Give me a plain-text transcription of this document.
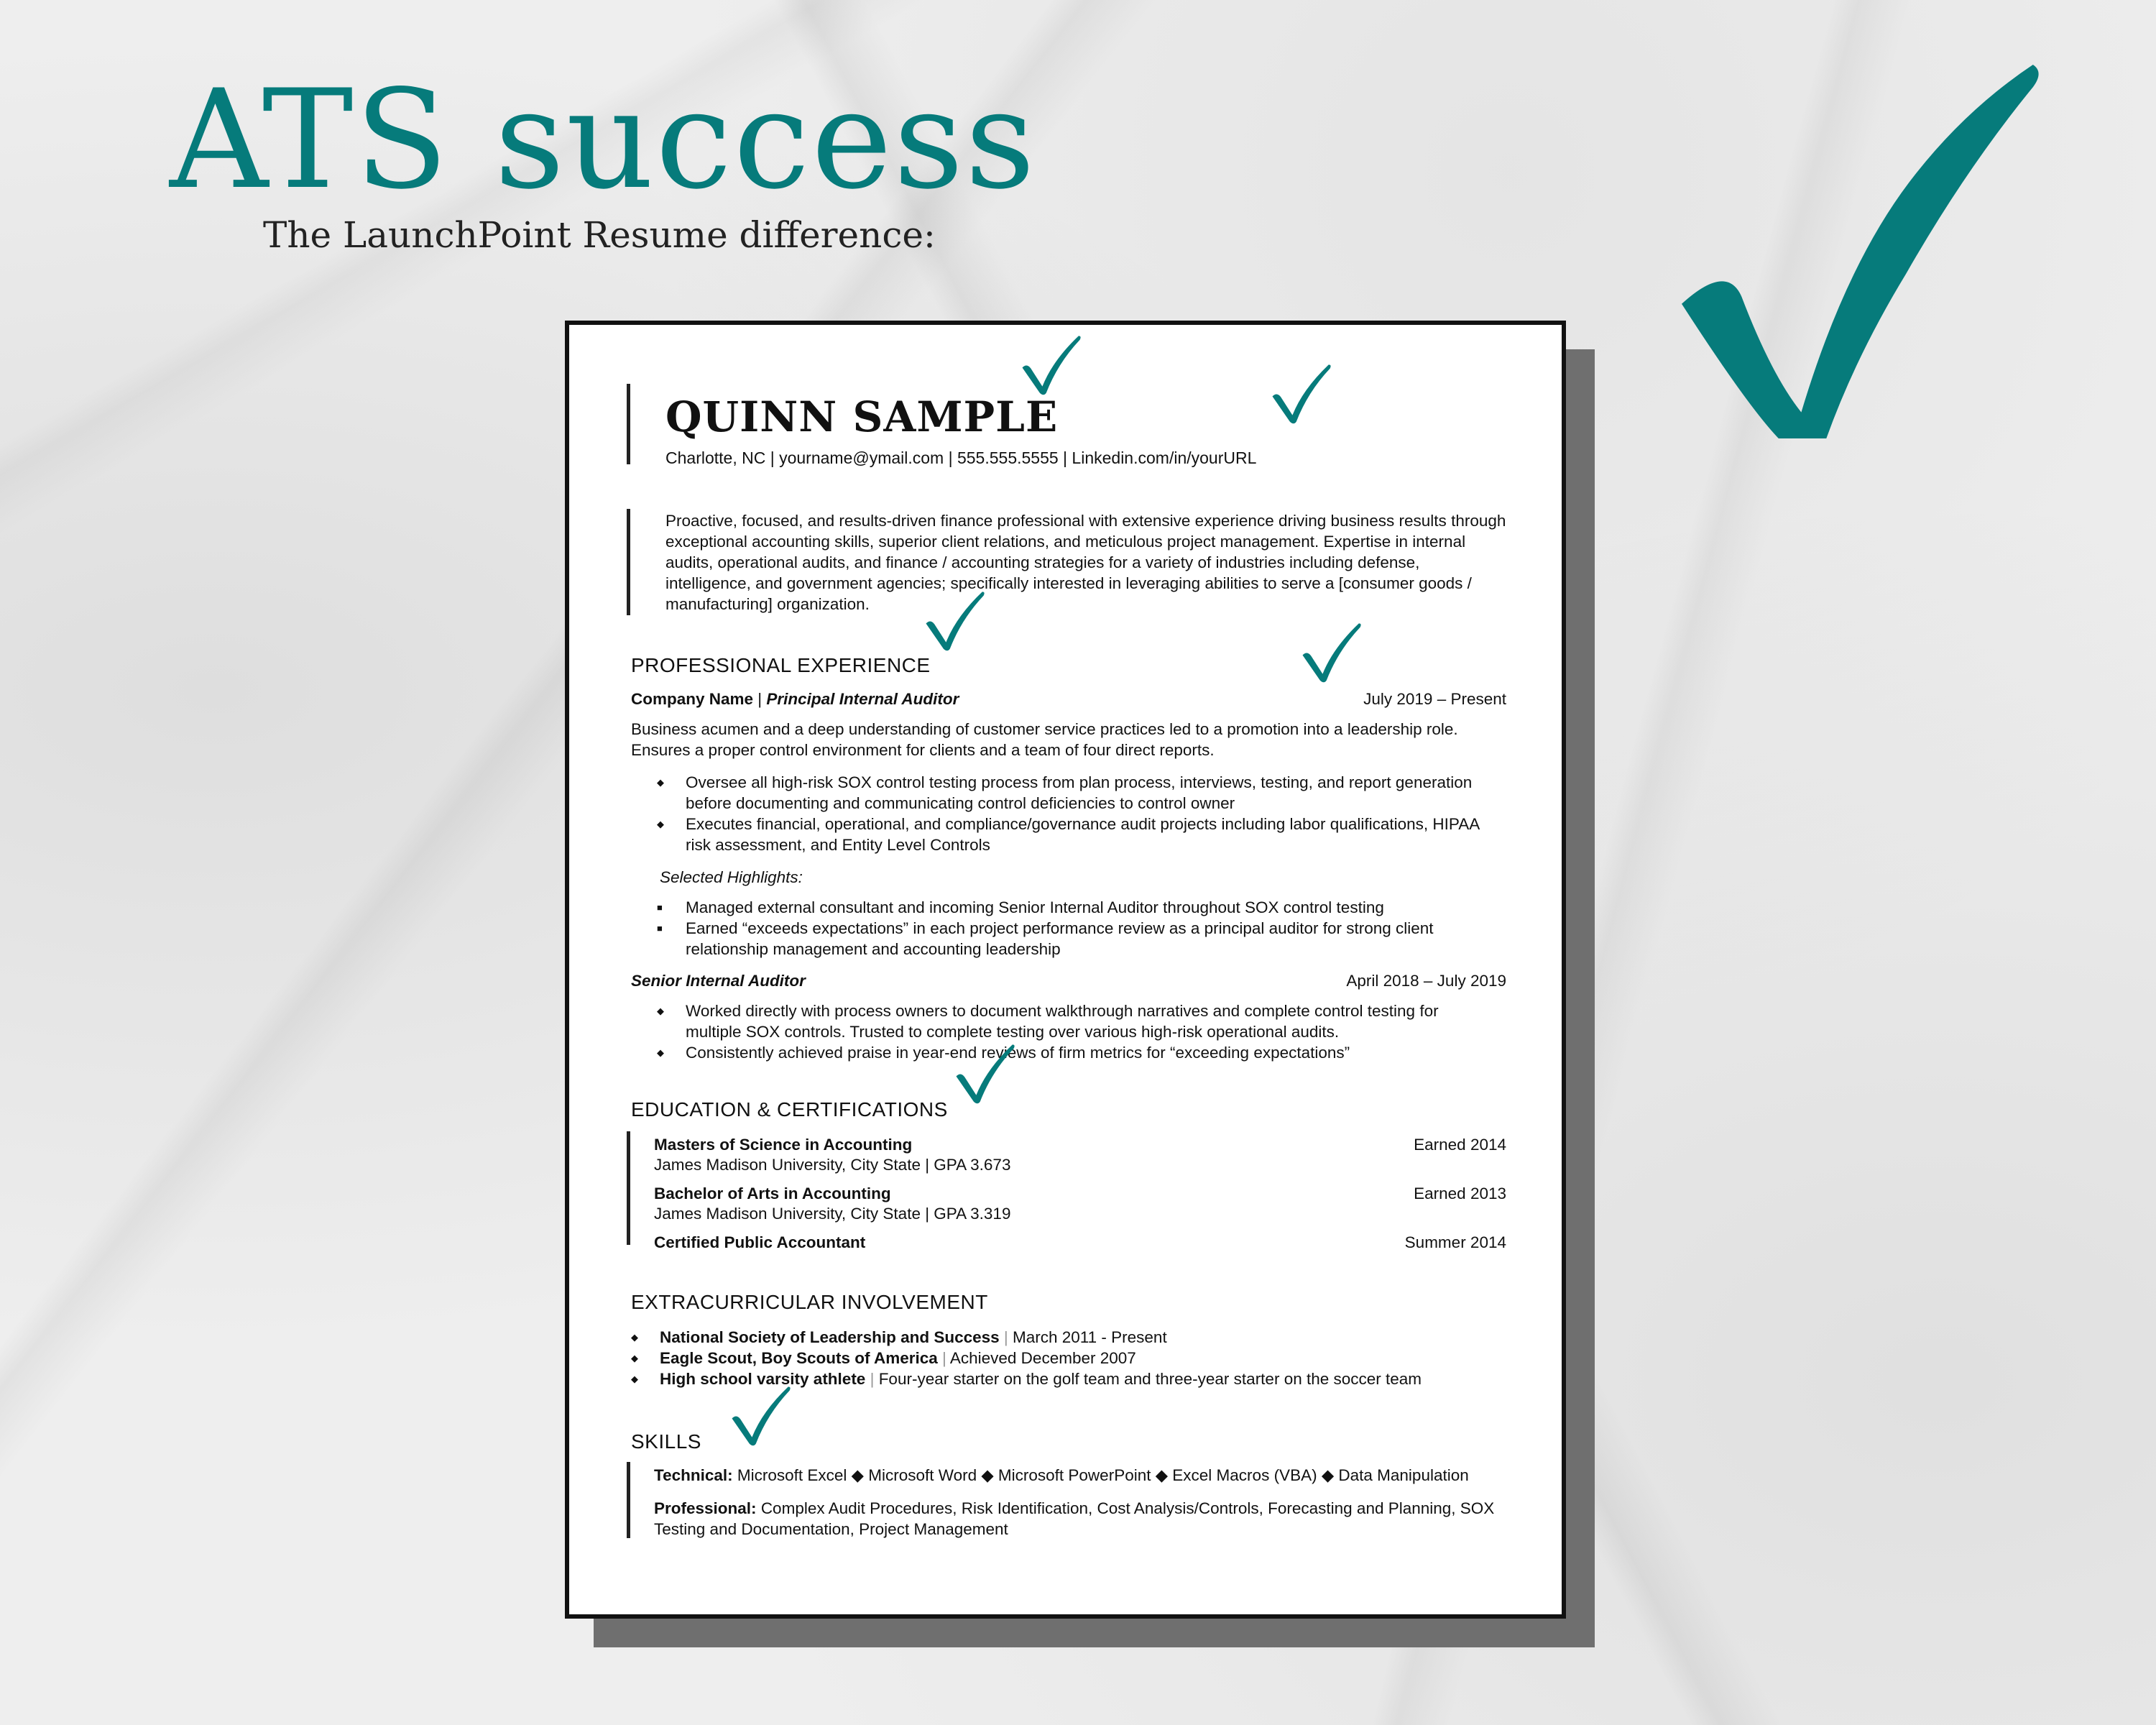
ATS success
The LaunchPoint Resume difference:
QUINN SAMPLE
Charlotte, NC | yourname@ymail.com | 555.555.5555 | Linkedin.com/in/yourURL
Proactive, focused, and results-driven finance professional with extensive experience driving business results through exceptional accounting skills, superior client relations, and meticulous project management. Expertise in internal audits, operational audits, and finance / accounting strategies for a variety of industries including defense, intelligence, and government agencies; specifically interested in leveraging abilities to serve a [consumer goods / manufacturing] organization.
PROFESSIONAL EXPERIENCE
Company Name | Principal Internal Auditor	July 2019 – Present
Business acumen and a deep understanding of customer service practices led to a promotion into a leadership role. Ensures a proper control environment for clients and a team of four direct reports.
◆ Oversee all high-risk SOX control testing process from plan process, interviews, testing, and report generation before documenting and communicating control deficiencies to control owner
◆ Executes financial, operational, and compliance/governance audit projects including labor qualifications, HIPAA risk assessment, and Entity Level Controls
Selected Highlights:
■ Managed external consultant and incoming Senior Internal Auditor throughout SOX control testing
■ Earned “exceeds expectations” in each project performance review as a principal auditor for strong client relationship management and accounting leadership
Senior Internal Auditor	April 2018 – July 2019
◆ Worked directly with process owners to document walkthrough narratives and complete control testing for multiple SOX controls. Trusted to complete testing over various high-risk operational audits.
◆ Consistently achieved praise in year-end reviews of firm metrics for “exceeding expectations”
EDUCATION & CERTIFICATIONS
Masters of Science in Accounting	Earned 2014
James Madison University, City State | GPA 3.673
Bachelor of Arts in Accounting	Earned 2013
James Madison University, City State | GPA 3.319
Certified Public Accountant	Summer 2014
EXTRACURRICULAR INVOLVEMENT
◆ National Society of Leadership and Success | March 2011 - Present
◆ Eagle Scout, Boy Scouts of America | Achieved December 2007
◆ High school varsity athlete | Four-year starter on the golf team and three-year starter on the soccer team
SKILLS
Technical: Microsoft Excel ◆ Microsoft Word ◆ Microsoft PowerPoint ◆ Excel Macros (VBA) ◆ Data Manipulation
Professional: Complex Audit Procedures, Risk Identification, Cost Analysis/Controls, Forecasting and Planning, SOX Testing and Documentation, Project Management
